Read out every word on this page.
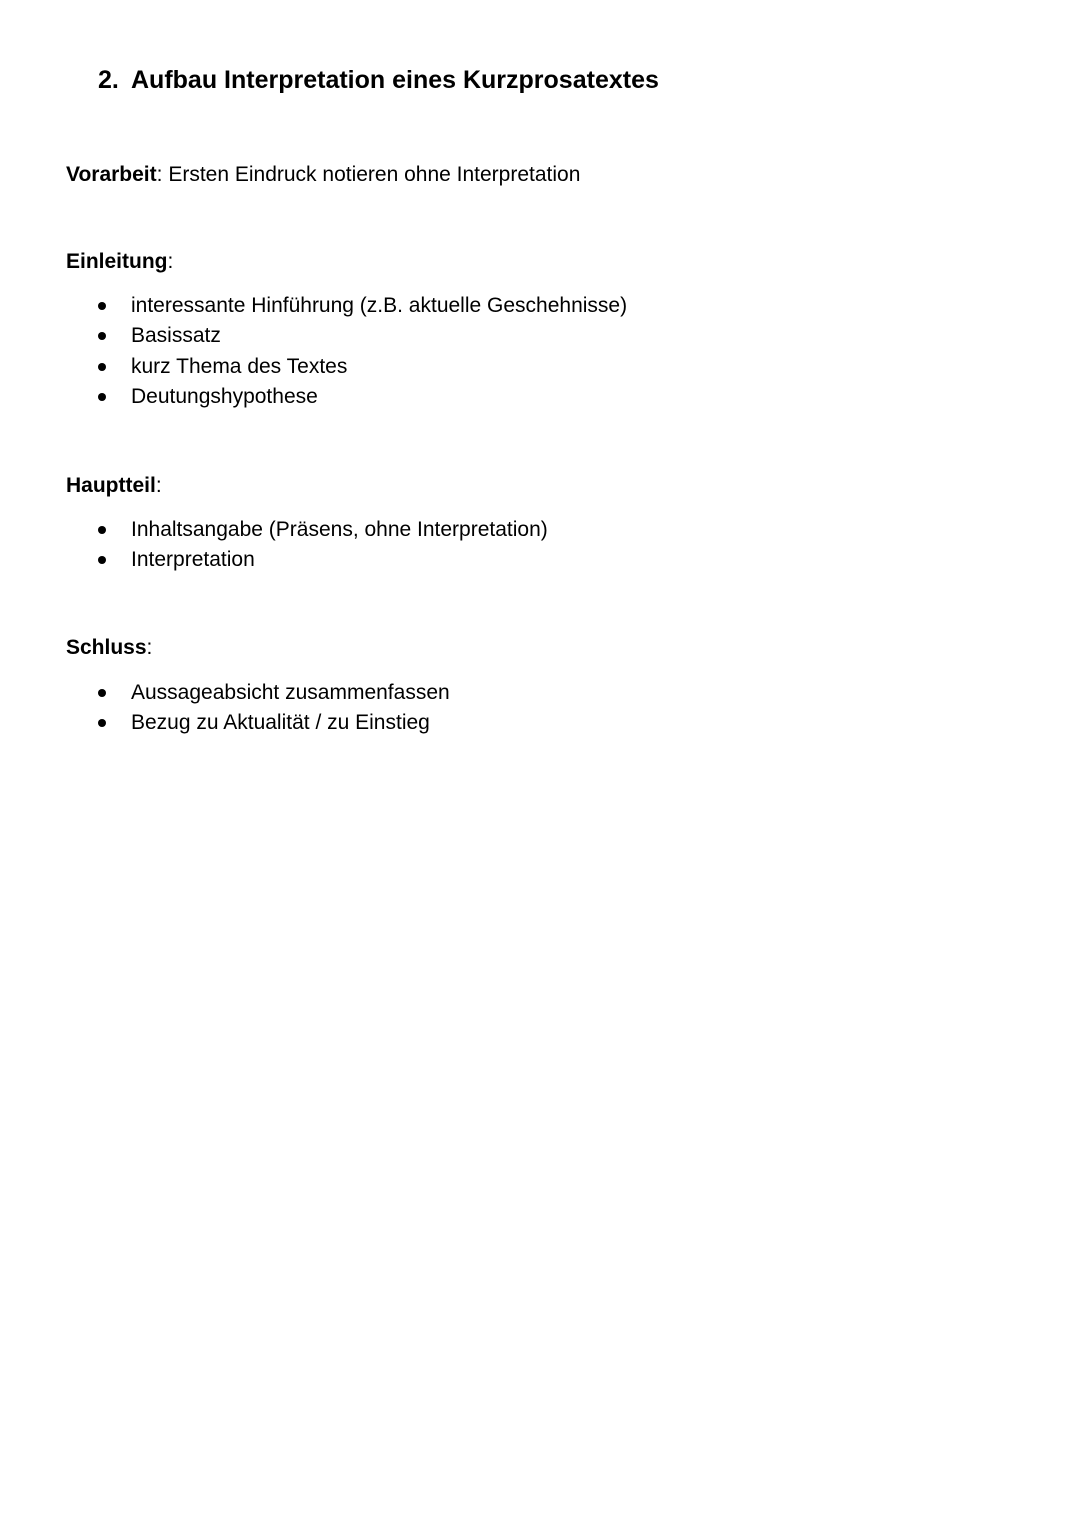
2. Aufbau Interpretation eines Kurzprosatextes
Vorarbeit: Ersten Eindruck notieren ohne Interpretation
Einleitung:
interessante Hinführung (z.B. aktuelle Geschehnisse)
Basissatz
kurz Thema des Textes
Deutungshypothese
Hauptteil:
Inhaltsangabe (Präsens, ohne Interpretation)
Interpretation
Schluss:
Aussageabsicht zusammenfassen
Bezug zu Aktualität / zu Einstieg
